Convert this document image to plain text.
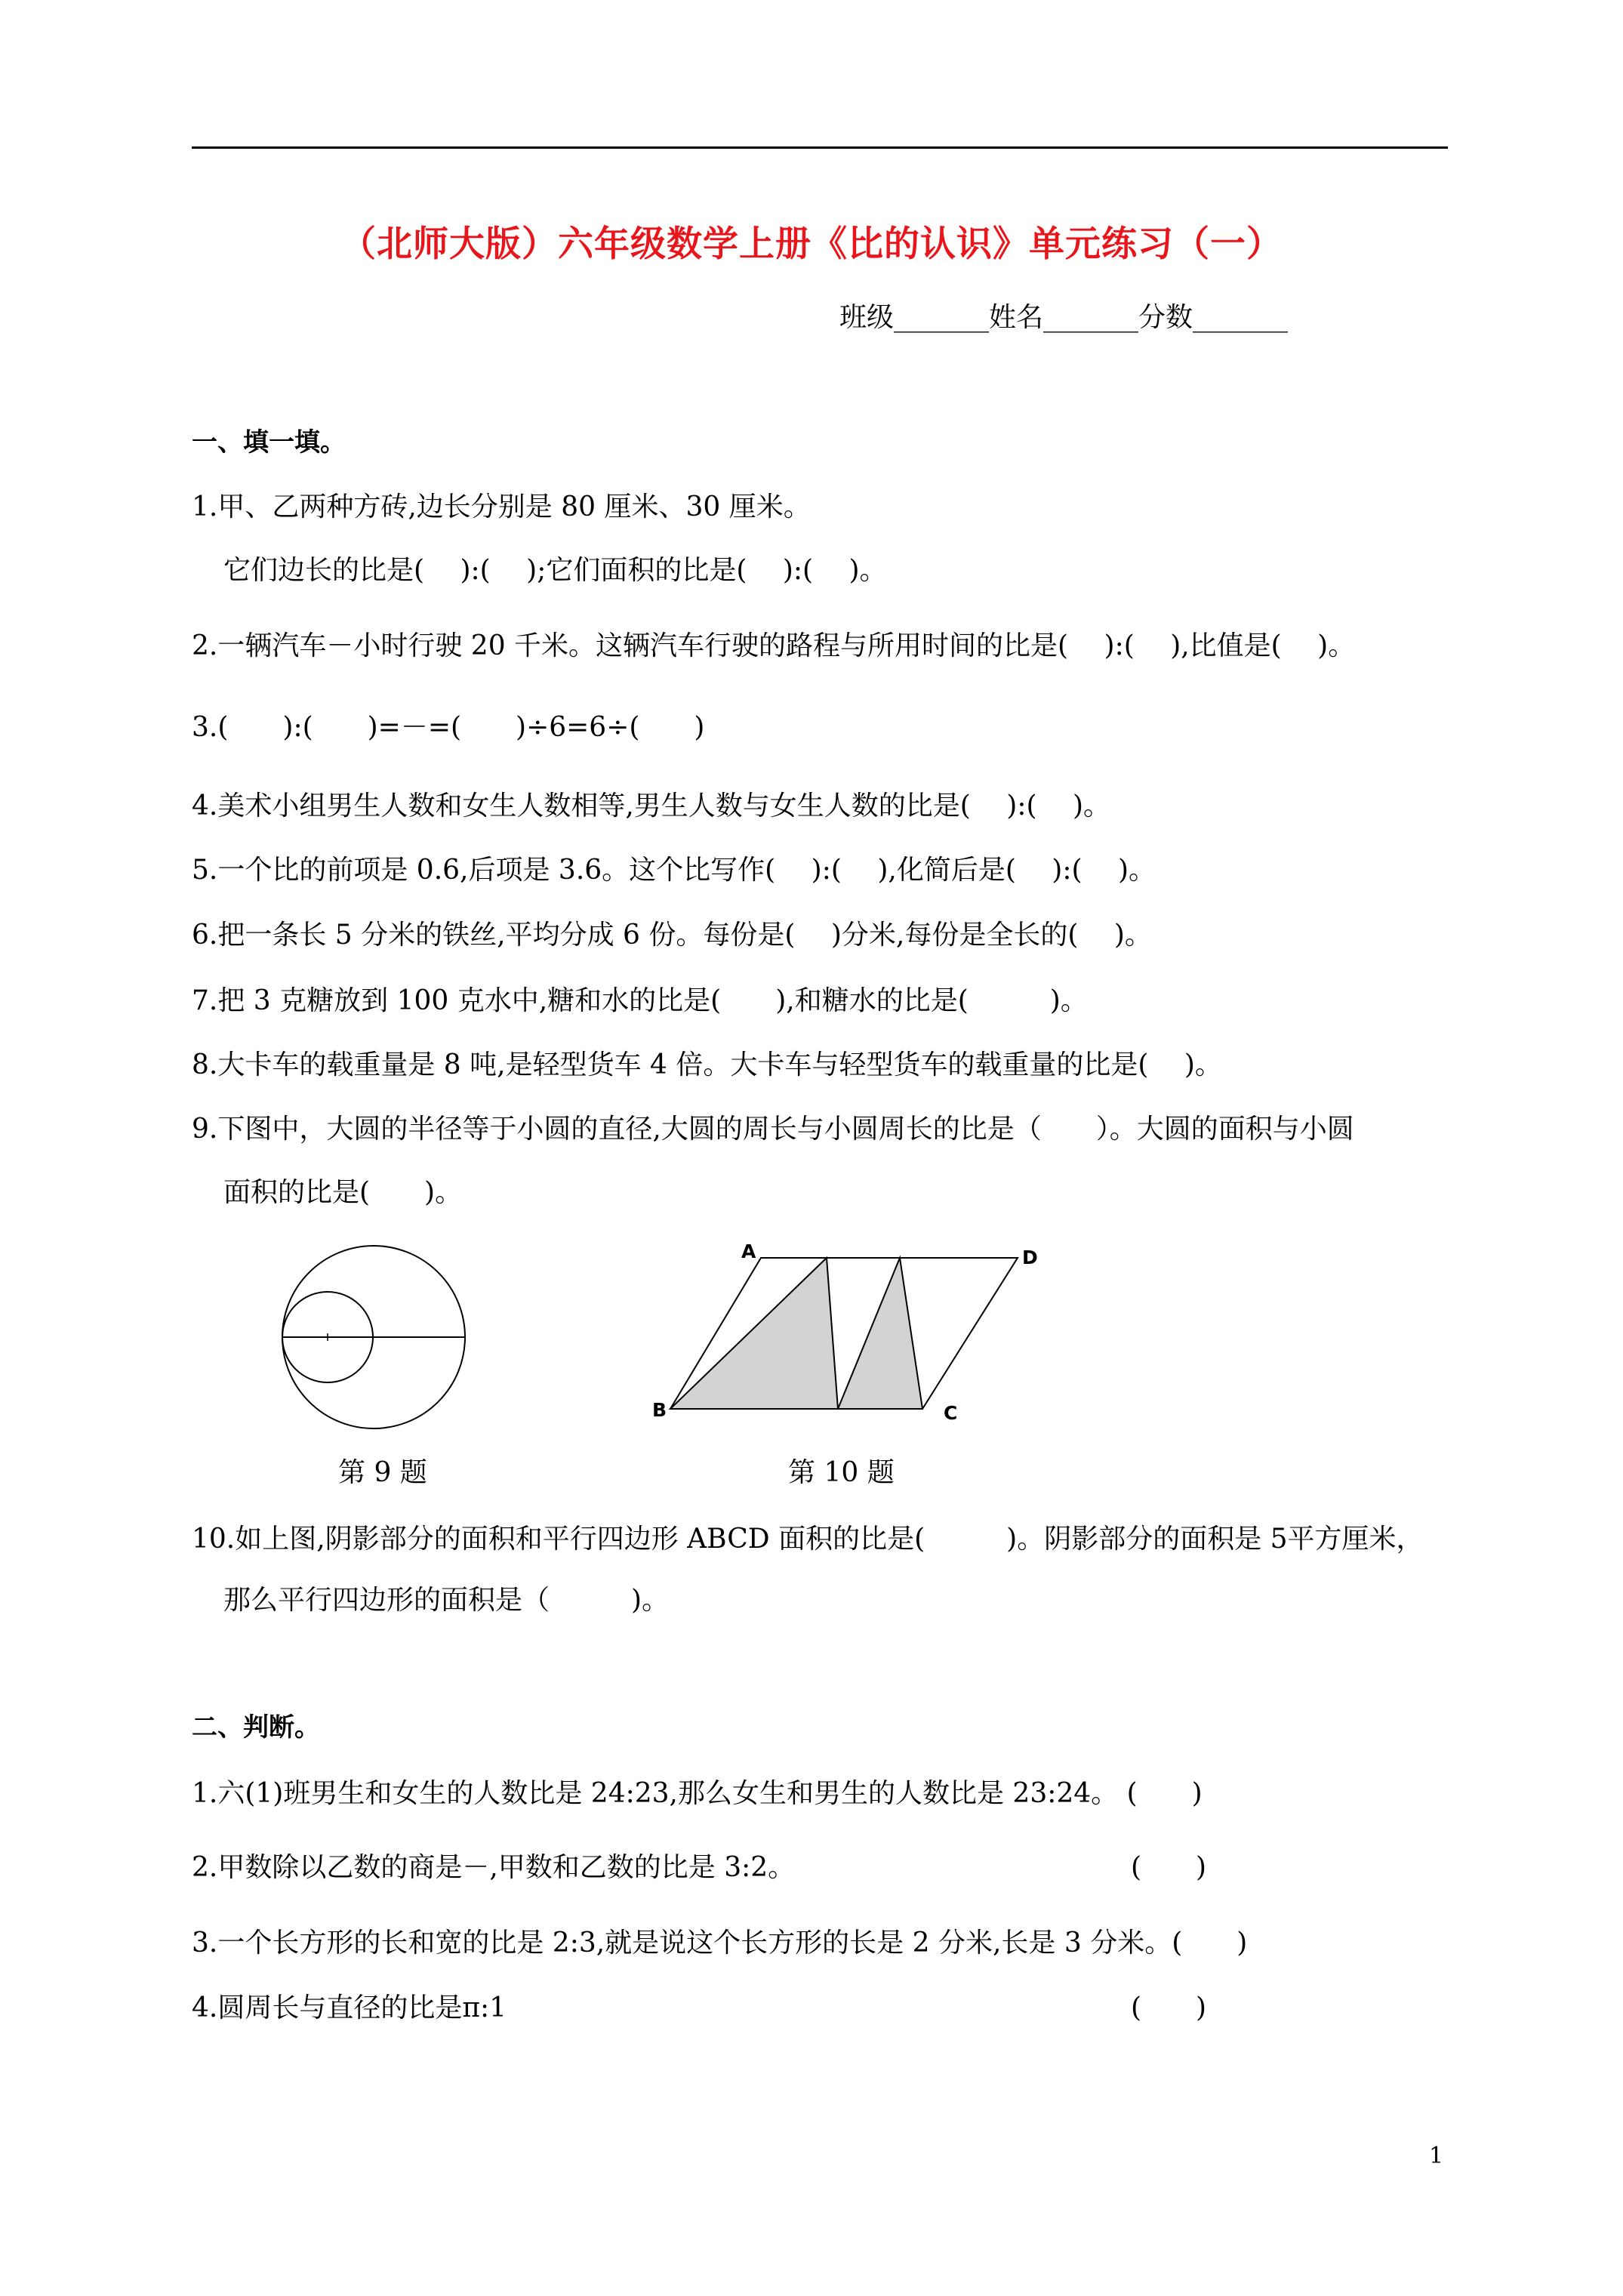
（北师大版）六年级数学上册《比的认识》单元练习（一）
班级_______姓名_______分数_______
一、填一填。
1.甲、乙两种方砖,边长分别是 80 厘米、30 厘米。
它们边长的比是(　 ):(　 );它们面积的比是(　 ):(　 )。
2.一辆汽车－小时行驶 20 千米。这辆汽车行驶的路程与所用时间的比是(　 ):(　 ),比值是(　 )。
3.(　　):(　　)=－=(　　)÷6=6÷(　　)
4.美术小组男生人数和女生人数相等,男生人数与女生人数的比是(　 ):(　 )。
5.一个比的前项是 0.6,后项是 3.6。这个比写作(　 ):(　 ),化简后是(　 ):(　 )。
6.把一条长 5 分米的铁丝,平均分成 6 份。每份是(　 )分米,每份是全长的(　 )。
7.把 3 克糖放到 100 克水中,糖和水的比是(　　),和糖水的比是(　　　)。
8.大卡车的载重量是 8 吨,是轻型货车 4 倍。大卡车与轻型货车的载重量的比是(　 )。
9.下图中，大圆的半径等于小圆的直径,大圆的周长与小圆周长的比是（　　）。大圆的面积与小圆
面积的比是(　　)。
第 9 题
A	D
B	C
第 10 题
10.如上图,阴影部分的面积和平行四边形 ABCD 面积的比是(　　　)。阴影部分的面积是 5平方厘米，
那么平行四边形的面积是（　　　)。
二、判断。
1.六(1)班男生和女生的人数比是 24:23,那么女生和男生的人数比是 23:24。 (　　)
2.甲数除以乙数的商是－,甲数和乙数的比是 3:2。	(　　)
3.一个长方形的长和宽的比是 2:3,就是说这个长方形的长是 2 分米,长是 3 分米。(　　)
4.圆周长与直径的比是π:1	(　　)
1
